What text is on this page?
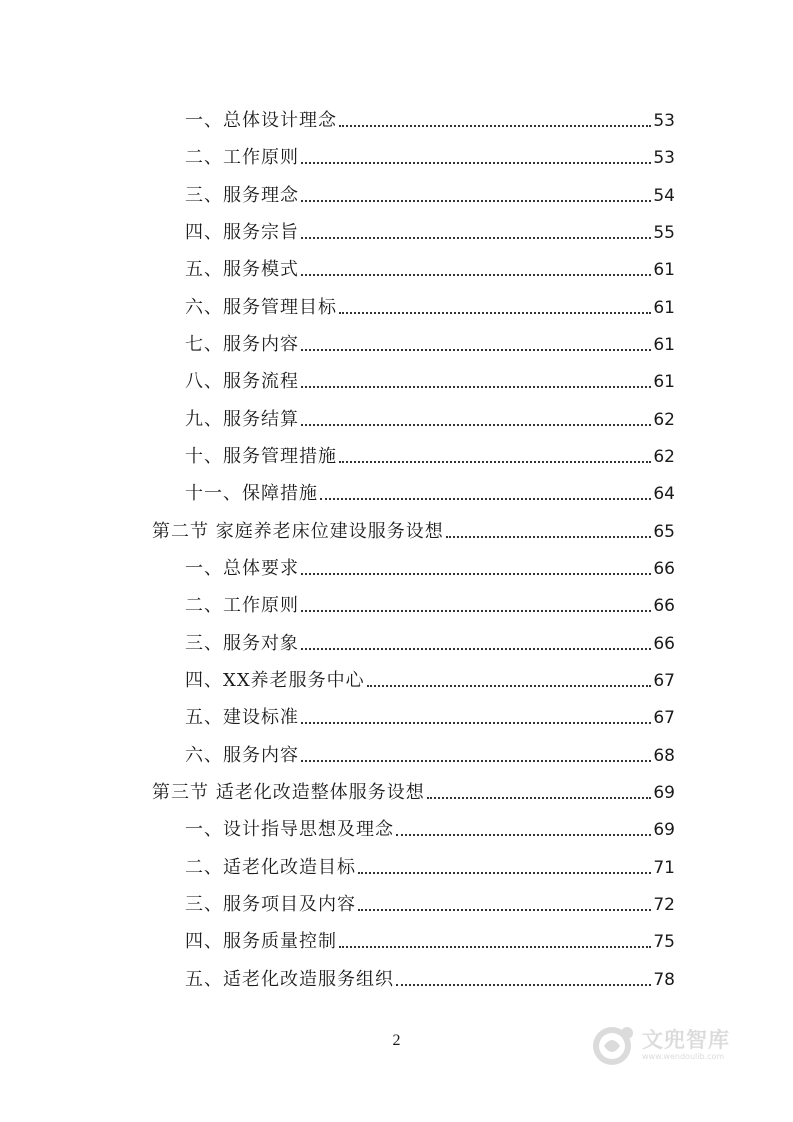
一、总体设计理念	53
二、工作原则	53
三、服务理念	54
四、服务宗旨	55
五、服务模式	61
六、服务管理目标	61
七、服务内容	61
八、服务流程	61
九、服务结算	62
十、服务管理措施	62
十一、保障措施	64
第二节 家庭养老床位建设服务设想	65
一、总体要求	66
二、工作原则	66
三、服务对象	66
四、XX养老服务中心	67
五、建设标准	67
六、服务内容	68
第三节 适老化改造整体服务设想	69
一、设计指导思想及理念	69
二、适老化改造目标	71
三、服务项目及内容	72
四、服务质量控制	75
五、适老化改造服务组织	78
2	文兜智库
www.wendoulib.com
